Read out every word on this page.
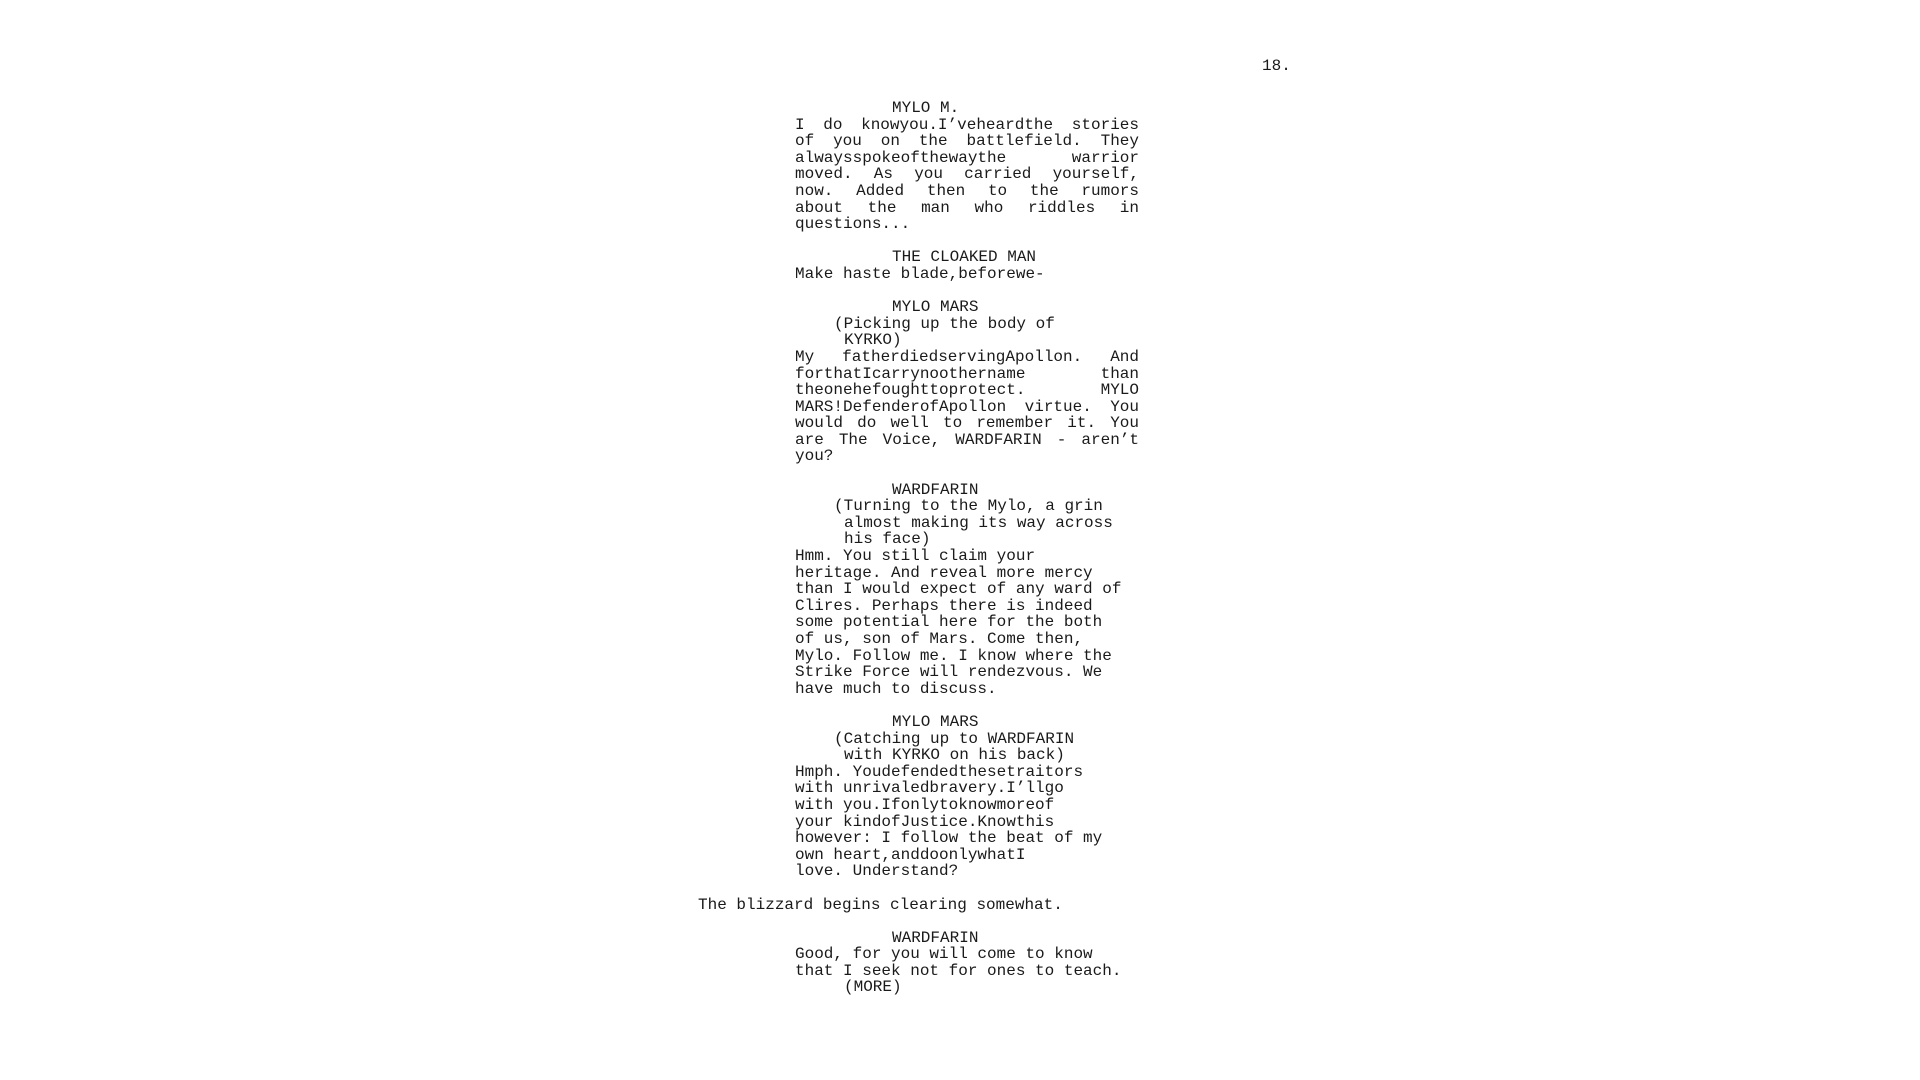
18.
MYLO M.
I do knowyou.I’veheardthe stories
of you on the battlefield. They
alwaysspokeofthewaythe warrior
moved. As you carried yourself,
now. Added then to the rumors
about the man who riddles in
questions...
THE CLOAKED MAN
Make haste blade,beforewe-
MYLO MARS
(Picking up the body of
KYRKO)
My fatherdiedservingApollon. And
forthatIcarrynoothername than
theonehefoughttoprotect. MYLO
MARS!DefenderofApollon virtue. You
would do well to remember it. You
are The Voice, WARDFARIN - aren’t
you?
WARDFARIN
(Turning to the Mylo, a grin
almost making its way across
his face)
Hmm. You still claim your
heritage. And reveal more mercy
than I would expect of any ward of
Clires. Perhaps there is indeed
some potential here for the both
of us, son of Mars. Come then,
Mylo. Follow me. I know where the
Strike Force will rendezvous. We
have much to discuss.
MYLO MARS
(Catching up to WARDFARIN
with KYRKO on his back)
Hmph. Youdefendedthesetraitors
with unrivaledbravery.I’llgo
with you.Ifonlytoknowmoreof
your kindofJustice.Knowthis
however: I follow the beat of my
own heart,anddoonlywhatI
love. Understand?
The blizzard begins clearing somewhat.
WARDFARIN
Good, for you will come to know
that I seek not for ones to teach.
(MORE)
